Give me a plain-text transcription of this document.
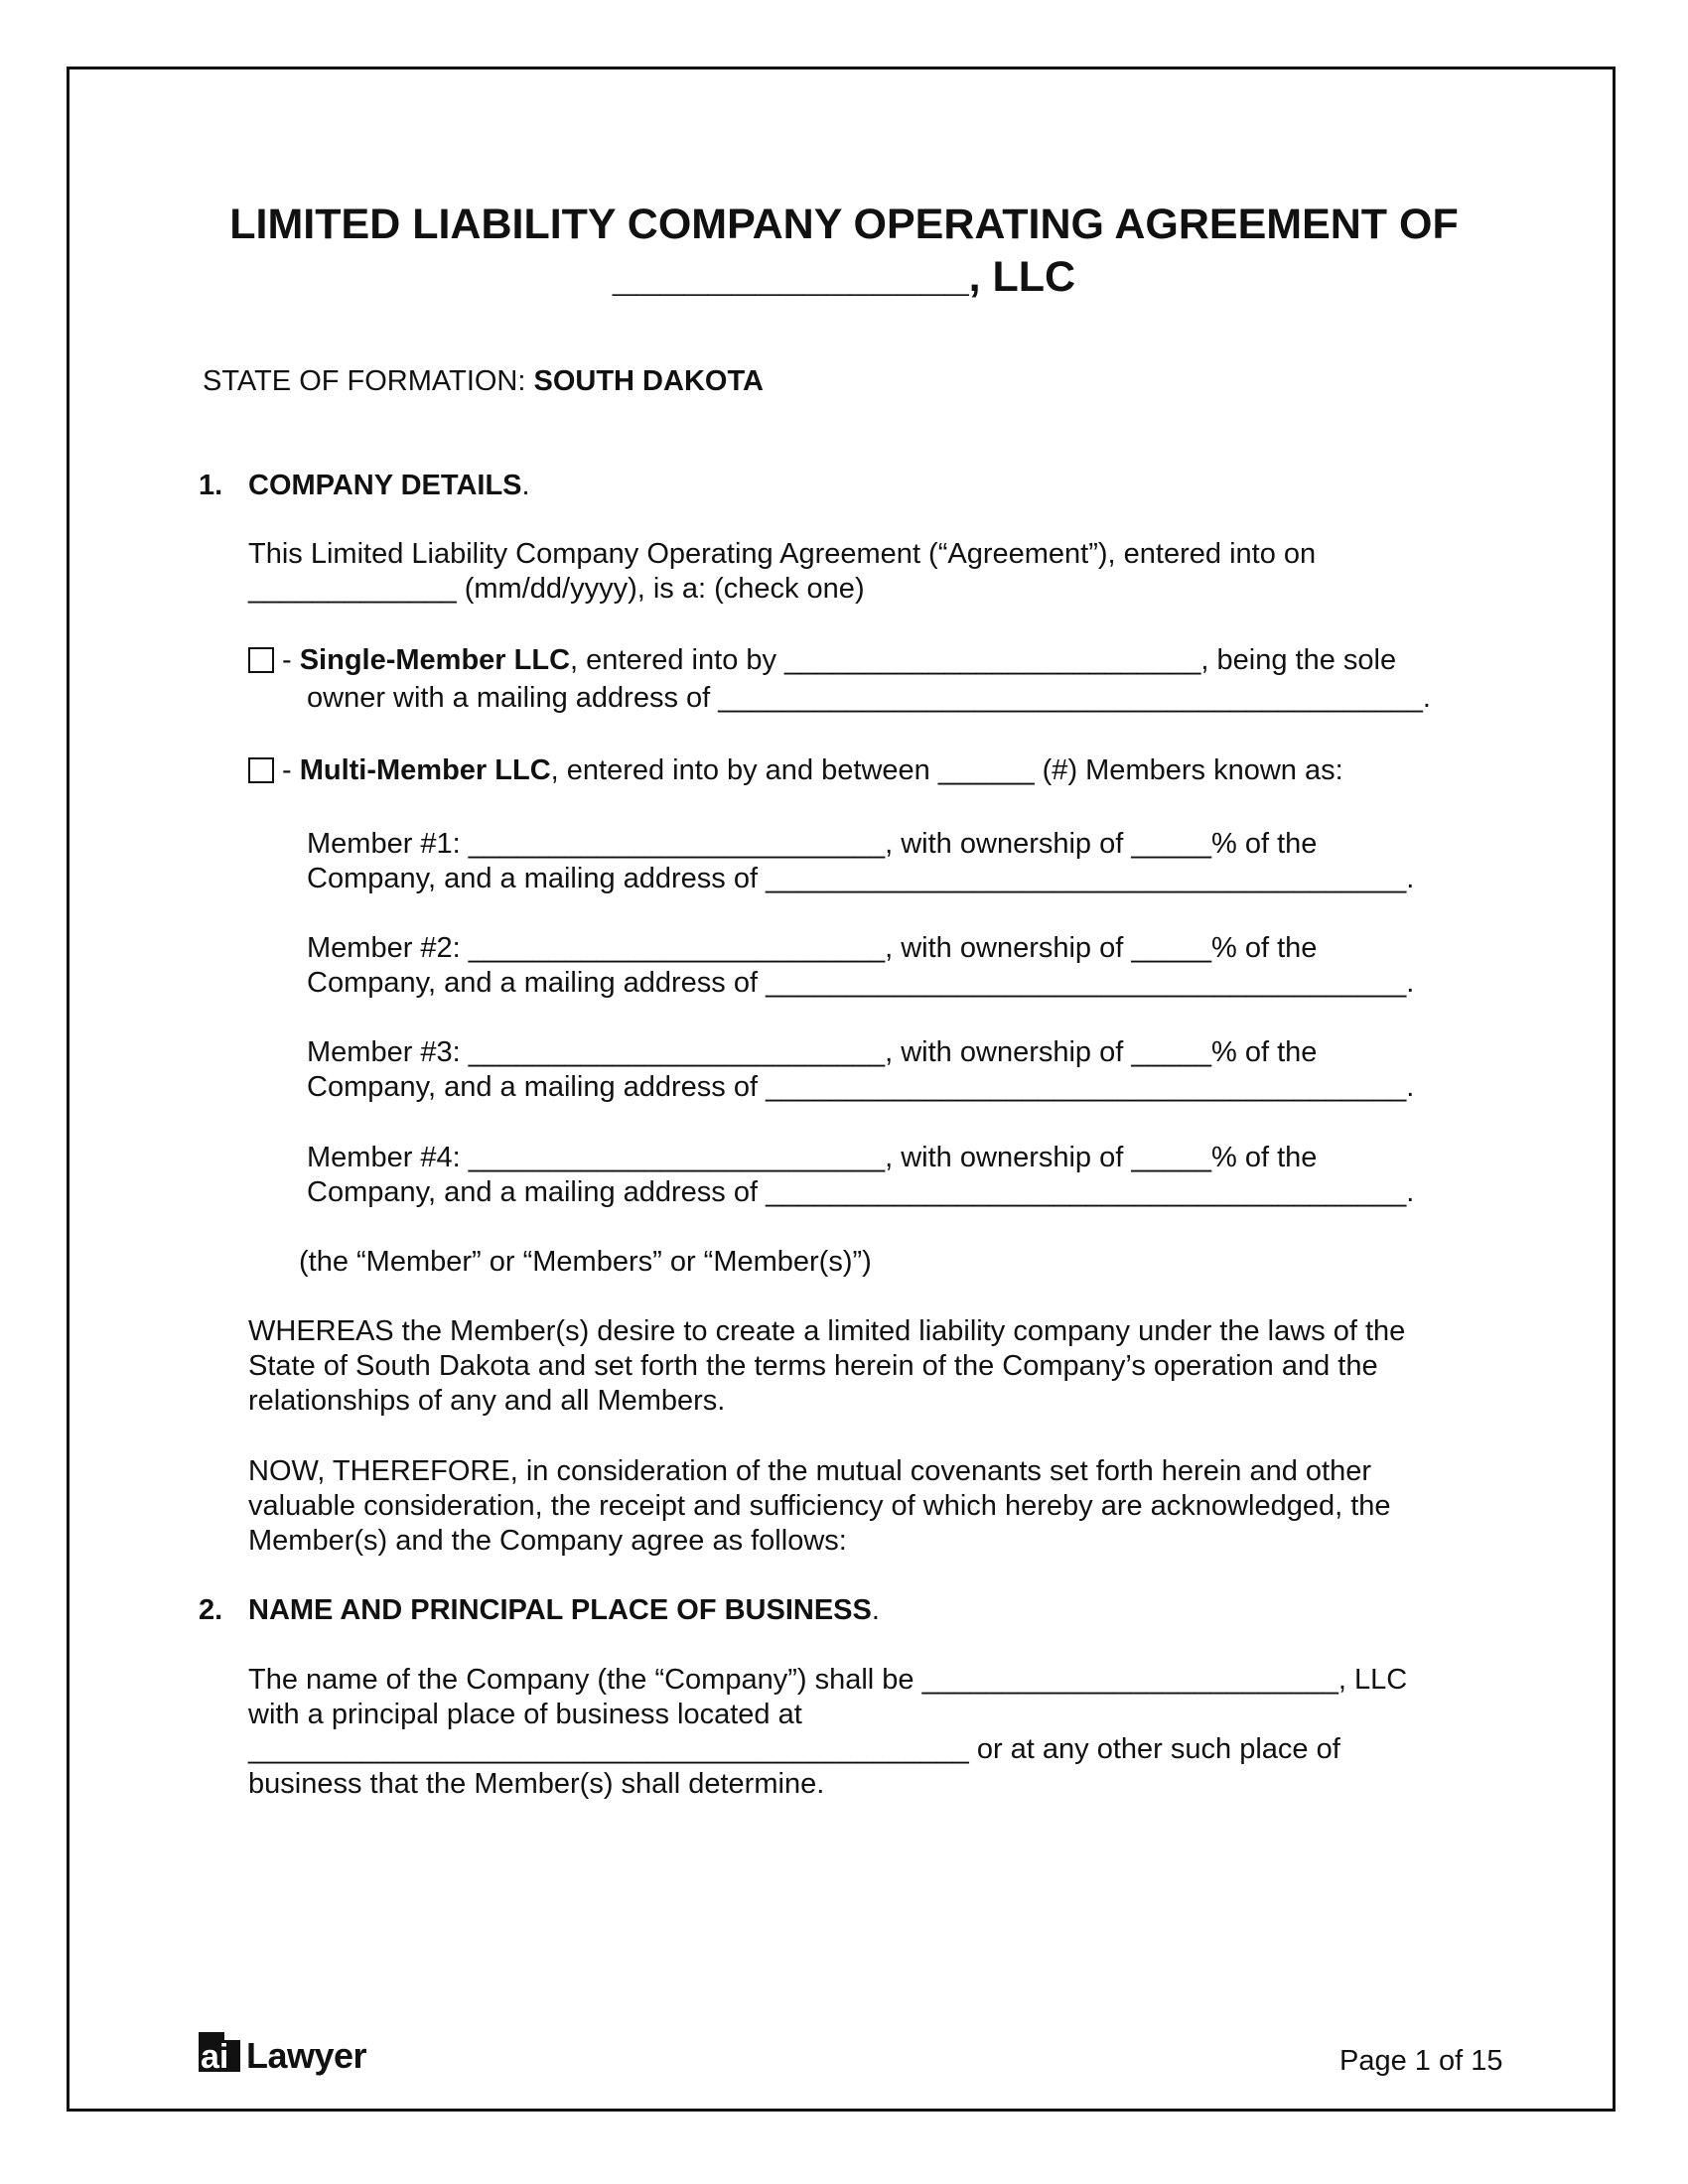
LIMITED LIABILITY COMPANY OPERATING AGREEMENT OF
_______________, LLC
STATE OF FORMATION: SOUTH DAKOTA
1. COMPANY DETAILS.
This Limited Liability Company Operating Agreement (“Agreement”), entered into on
_____________ (mm/dd/yyyy), is a: (check one)
- Single-Member LLC, entered into by __________________________, being the sole
owner with a mailing address of ____________________________________________.
- Multi-Member LLC, entered into by and between ______ (#) Members known as:
Member #1: __________________________, with ownership of _____% of the
Company, and a mailing address of ________________________________________.
Member #2: __________________________, with ownership of _____% of the
Company, and a mailing address of ________________________________________.
Member #3: __________________________, with ownership of _____% of the
Company, and a mailing address of ________________________________________.
Member #4: __________________________, with ownership of _____% of the
Company, and a mailing address of ________________________________________.
(the “Member” or “Members” or “Member(s)”)
WHEREAS the Member(s) desire to create a limited liability company under the laws of the
State of South Dakota and set forth the terms herein of the Company’s operation and the
relationships of any and all Members.
NOW, THEREFORE, in consideration of the mutual covenants set forth herein and other
valuable consideration, the receipt and sufficiency of which hereby are acknowledged, the
Member(s) and the Company agree as follows:
2. NAME AND PRINCIPAL PLACE OF BUSINESS.
The name of the Company (the “Company”) shall be __________________________, LLC
with a principal place of business located at
_____________________________________________ or at any other such place of
business that the Member(s) shall determine.
ai Lawyer	Page 1 of 15
